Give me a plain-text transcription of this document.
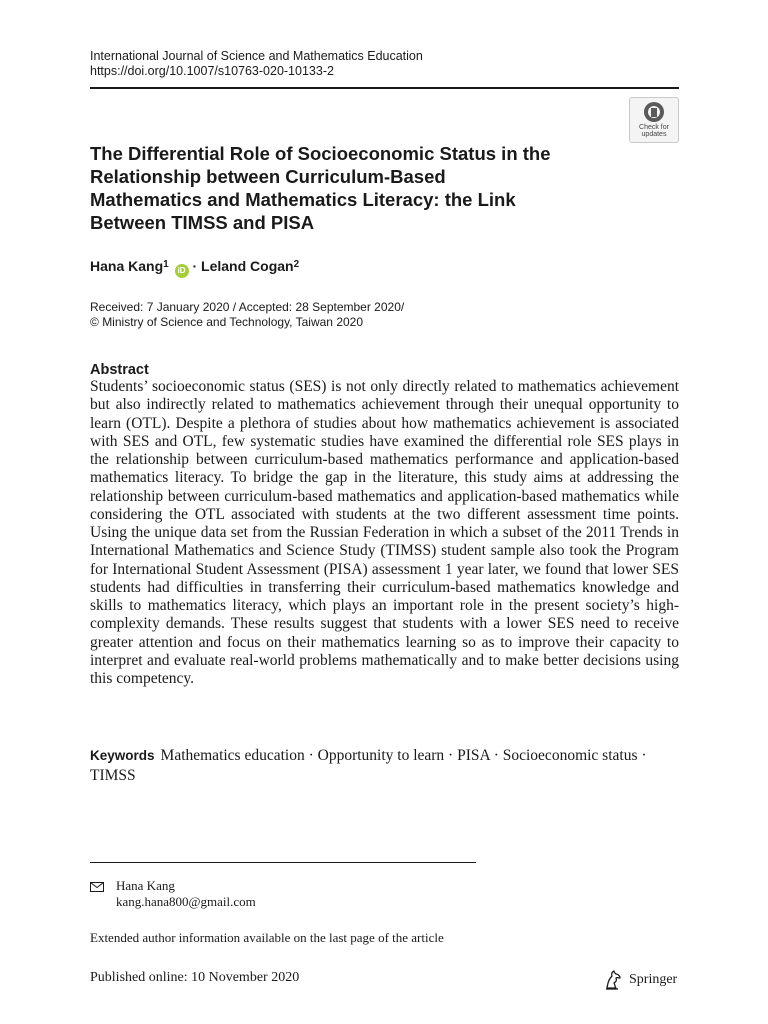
International Journal of Science and Mathematics Education
https://doi.org/10.1007/s10763-020-10133-2
Check for
updates
The Differential Role of Socioeconomic Status in the Relationship between Curriculum-Based Mathematics and Mathematics Literacy: the Link Between TIMSS and PISA
Hana Kang$^1$ iD · Leland Cogan$^2$
Received: 7 January 2020 / Accepted: 28 September 2020/
© Ministry of Science and Technology, Taiwan 2020
Abstract

Students’ socioeconomic status (SES) is not only directly related to mathematics achievement but also indirectly related to mathematics achievement through their unequal opportunity to learn (OTL). Despite a plethora of studies about how mathematics achievement is associated with SES and OTL, few systematic studies have examined the differential role SES plays in the relationship between curriculum-based mathematics performance and application-based mathematics literacy. To bridge the gap in the literature, this study aims at addressing the relationship between curriculum-based mathematics and application-based mathematics while considering the OTL associated with students at the two different assessment time points. Using the unique data set from the Russian Federation in which a subset of the 2011 Trends in International Mathematics and Science Study (TIMSS) student sample also took the Program for International Student Assessment (PISA) assessment 1 year later, we found that lower SES students had difficulties in transferring their curriculum-based mathematics knowledge and skills to mathematics literacy, which plays an important role in the present society’s high-complexity demands. These results suggest that students with a lower SES need to receive greater attention and focus on their mathematics learning so as to improve their capacity to interpret and evaluate real-world problems mathematically and to make better decisions using this competency.

Keywords Mathematics education · Opportunity to learn · PISA · Socioeconomic status · TIMSS

Hana Kang
kang.hana800@gmail.com
Extended author information available on the last page of the article
Published online: 10 November 2020	Springer
